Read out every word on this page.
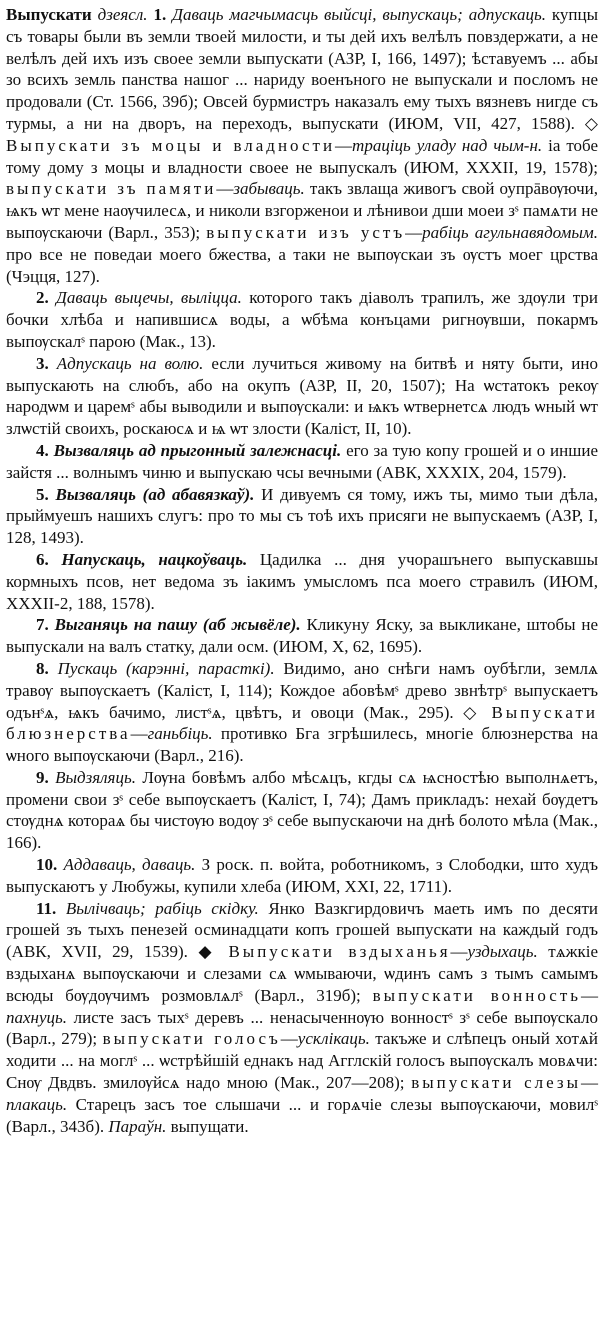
Выпускати дзеясл. 1. Даваць магчымасць выйсці, выпускаць; адпускаць. купцы съ товары были въ земли твоей милости, и ты дей ихъ велѣлъ повздержати, а не велѣлъ дей ихъ изъ своее земли выпускати (АЗР, I, 166, 1497); ѣставуемъ ... абы зо всихъ земль панства нашог ... нариду военъного не выпускали и посломъ не продовали (Ст. 1566, 39б); Овсей бурмистръ наказалъ ему тыхъ вязневъ нигде съ турмы, а ни на дворъ, на переходъ, выпускати (ИЮМ, VII, 427, 1588). ◇ Выпускати зъ моцы и владности—траціць уладу над чым-н. іа тобе тому дому з моцы и владности своее не выпускалъ (ИЮМ, XXXII, 19, 1578); выпускати зъ памяти—забываць. такъ звлаща живогъ свой оупрāвѹючи, ѩкъ ѡт мене наѹчилесѧ, и николи взгорженои и лѣнивои дши моеи зˢ памѧти не выпѹскаючи (Варл., 353); выпускати изъ устъ—рабіць агульнавядомым. про все не поведаи моего бжества, а таки не выпѹскаи зъ ѹстъ моег црства (Чэцця, 127).

2. Даваць выцечы, выліцца. которого такъ діаволъ трапилъ, же здѹли три бочки хлѣба и напившисѧ воды, а ѡбѣма конъцами ригнѹвши, покармъ выпѹскалˢ парою (Мак., 13).

3. Адпускаць на волю. если лучиться живому на битвѣ и няту быти, ино выпускають на слюбъ, або на окупъ (АЗР, II, 20, 1507); На ѡстатокъ рекѹ народѡм и царемˢ абы выводили и выпѹскали: и ѩкъ ѡтвернетсѧ людъ ѡный ѡт злѡстій своихъ, роскаюсѧ и ѩ ѡт злости (Каліст, II, 10).

4. Вызваляць ад прыгонный залежнасці. его за тую копу грошей и о иншие зайстя ... волнымъ чиню и выпускаю чсы вечными (АВК, XXXIX, 204, 1579).

5. Вызваляць (ад абавязкаў). И дивуемъ ся тому, ижъ ты, мимо тыи дѣла, прыймуешъ нашихъ слугъ: про то мы съ тоѣ ихъ присяги не выпускаемъ (АЗР, I, 128, 1493).

6. Напускаць, нацкоўваць. Цадилка ... дня учорашънего выпускавшы кормныхъ псов, нет ведома зъ іакимъ умысломъ пса моего стравилъ (ИЮМ, XXXII-2, 188, 1578).

7. Выганяць на пашу (аб жывёле). Кликуну Яску, за выкликане, штобы не выпускали на валъ статку, дали осм. (ИЮМ, X, 62, 1695).

8. Пускаць (карэнні, парасткі). Видимо, ано снѣги намъ оубѣгли, землѧ травѹ выпѹскаетъ (Каліст, I, 114); Кождое абовѣмˢ древо звнѣтрˢ выпускаетъ одънˢѧ, ѩкъ бачимо, листˢѧ, цвѣтъ, и овоци (Мак., 295). ◇ Выпускати блюзнерства—ганьбіць. противко Бга згрѣшилесь, многіе блюзнерства на ѡного выпѹскаючи (Варл., 216).

9. Выдзяляць. Лѹна бовѣмъ албо мѣсѧцъ, кгды сѧ ѩсностѣю выполнѧетъ, промени свои зˢ себе выпѹскаетъ (Каліст, I, 74); Дамъ прикладъ: нехай бѹдетъ стѹднѧ котораѧ бы чистѹю водѹ зˢ себе выпускаючи на днѣ болото мѣла (Мак., 166).

10. Аддаваць, даваць. З роск. п. войта, роботникомъ, з Слободки, што худъ выпускаютъ у Любужы, купили хлеба (ИЮМ, XXI, 22, 1711).

11. Вылічваць; рабіць скідку. Янко Вазкгирдовичъ маеть имъ по десяти грошей зъ тыхъ пенезей осминадцати копъ грошей выпускати на каждый годъ (АВК, XVII, 29, 1539). ◆ Выпускати вздыханья—уздыхаць. тѧжкіе вздыханѧ выпѹскаючи и слезами сѧ ѡмываючи, ѡдинъ самъ з тымъ самымъ всюды бѹдѹчимъ розмовлѧлˢ (Варл., 319б); выпускати вонность—пахнуць. листе засъ тыхˢ деревъ ... ненасыченнѹю вонностˢ зˢ себе выпѹскало (Варл., 279); выпускати голосъ—усклікаць. такъже и слѣпецъ оный хотѧй ходити ... на моглˢ ... ѡстрѣйшій еднакъ над Агглскій голосъ выпѹскалъ мовѧчи: Снѹ Двдвъ. змилѹйсѧ надо мною (Мак., 207—208); выпускати слезы—плакаць. Старецъ засъ тое слышачи ... и горѧчіе слезы выпѹскаючи, мовилˢ (Варл., 343б). Параўн. выпущати.
